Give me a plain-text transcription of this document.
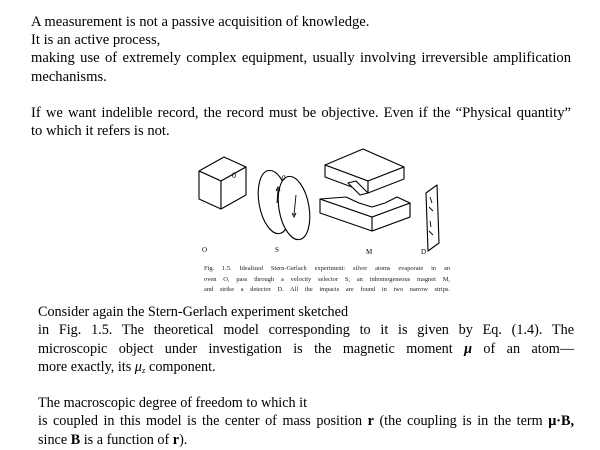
A measurement is not a passive acquisition of knowledge.
It is an active process,
making use of extremely complex equipment, usually involving irreversible amplification
mechanisms.
If we want indelible record, the record must be objective. Even if the “Physical quantity”
to which it refers is not.
0	0
O	S	M	D

Fig. 1.5. Idealized Stern-Gerlach experiment: silver atoms evaporate in an
oven O, pass through a velocity selector S, an inhomogeneous magnet M,
and strike a detector D. All the impacts are found in two narrow strips.

Consider again the Stern-Gerlach experiment sketched
in Fig. 1.5. The theoretical model corresponding to it is given by Eq. (1.4). The
microscopic object under investigation is the magnetic moment μ of an atom—
more exactly, its $\mu_z$ component.
The macroscopic degree of freedom to which it
is coupled in this model is the center of mass position r (the coupling is in the term μ·B,
since B is a function of r).
